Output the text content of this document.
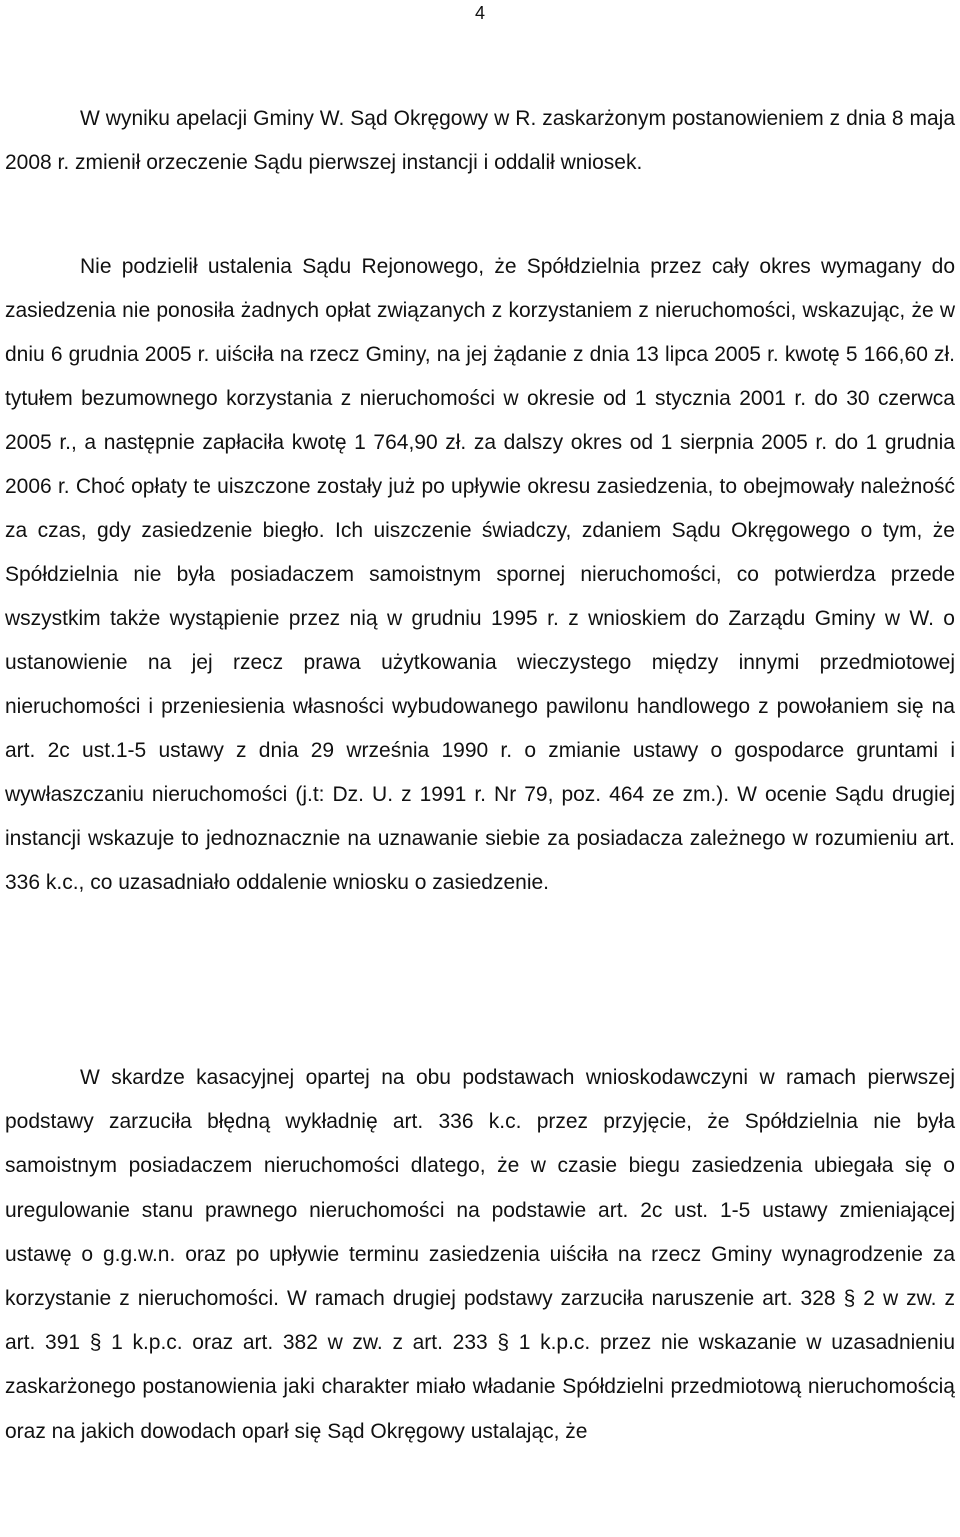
4

W wyniku apelacji Gminy W. Sąd Okręgowy w R. zaskarżonym postanowieniem z dnia 8 maja 2008 r. zmienił orzeczenie Sądu pierwszej instancji i oddalił wniosek.

Nie podzielił ustalenia Sądu Rejonowego, że Spółdzielnia przez cały okres wymagany do zasiedzenia nie ponosiła żadnych opłat związanych z korzystaniem z nieruchomości, wskazując, że w dniu 6 grudnia 2005 r. uiściła na rzecz Gminy, na jej żądanie z dnia 13 lipca 2005 r. kwotę 5 166,60 zł. tytułem bezumownego korzystania z nieruchomości w okresie od 1 stycznia 2001 r. do 30 czerwca 2005 r., a następnie zapłaciła kwotę 1 764,90 zł. za dalszy okres od 1 sierpnia 2005 r. do 1 grudnia 2006 r. Choć opłaty te uiszczone zostały już po upływie okresu zasiedzenia, to obejmowały należność za czas, gdy zasiedzenie biegło. Ich uiszczenie świadczy, zdaniem Sądu Okręgowego o tym, że Spółdzielnia nie była posiadaczem samoistnym spornej nieruchomości, co potwierdza przede wszystkim także wystąpienie przez nią w grudniu 1995 r. z wnioskiem do Zarządu Gminy w W. o ustanowienie na jej rzecz prawa użytkowania wieczystego między innymi przedmiotowej nieruchomości i przeniesienia własności wybudowanego pawilonu handlowego z powołaniem się na art. 2c ust.1-5 ustawy z dnia 29 września 1990 r. o zmianie ustawy o gospodarce gruntami i wywłaszczaniu nieruchomości (j.t: Dz. U. z 1991 r. Nr 79, poz. 464 ze zm.). W ocenie Sądu drugiej instancji wskazuje to jednoznacznie na uznawanie siebie za posiadacza zależnego w rozumieniu art. 336 k.c., co uzasadniało oddalenie wniosku o zasiedzenie.

W skardze kasacyjnej opartej na obu podstawach wnioskodawczyni w ramach pierwszej podstawy zarzuciła błędną wykładnię art. 336 k.c. przez przyjęcie, że Spółdzielnia nie była samoistnym posiadaczem nieruchomości dlatego, że w czasie biegu zasiedzenia ubiegała się o uregulowanie stanu prawnego nieruchomości na podstawie art. 2c ust. 1-5 ustawy zmieniającej ustawę o g.g.w.n. oraz po upływie terminu zasiedzenia uiściła na rzecz Gminy wynagrodzenie za korzystanie z nieruchomości. W ramach drugiej podstawy zarzuciła naruszenie art. 328 § 2 w zw. z art. 391 § 1 k.p.c. oraz art. 382 w zw. z art. 233 § 1 k.p.c. przez nie wskazanie w uzasadnieniu zaskarżonego postanowienia jaki charakter miało władanie Spółdzielni przedmiotową nieruchomością oraz na jakich dowodach oparł się Sąd Okręgowy ustalając, że
